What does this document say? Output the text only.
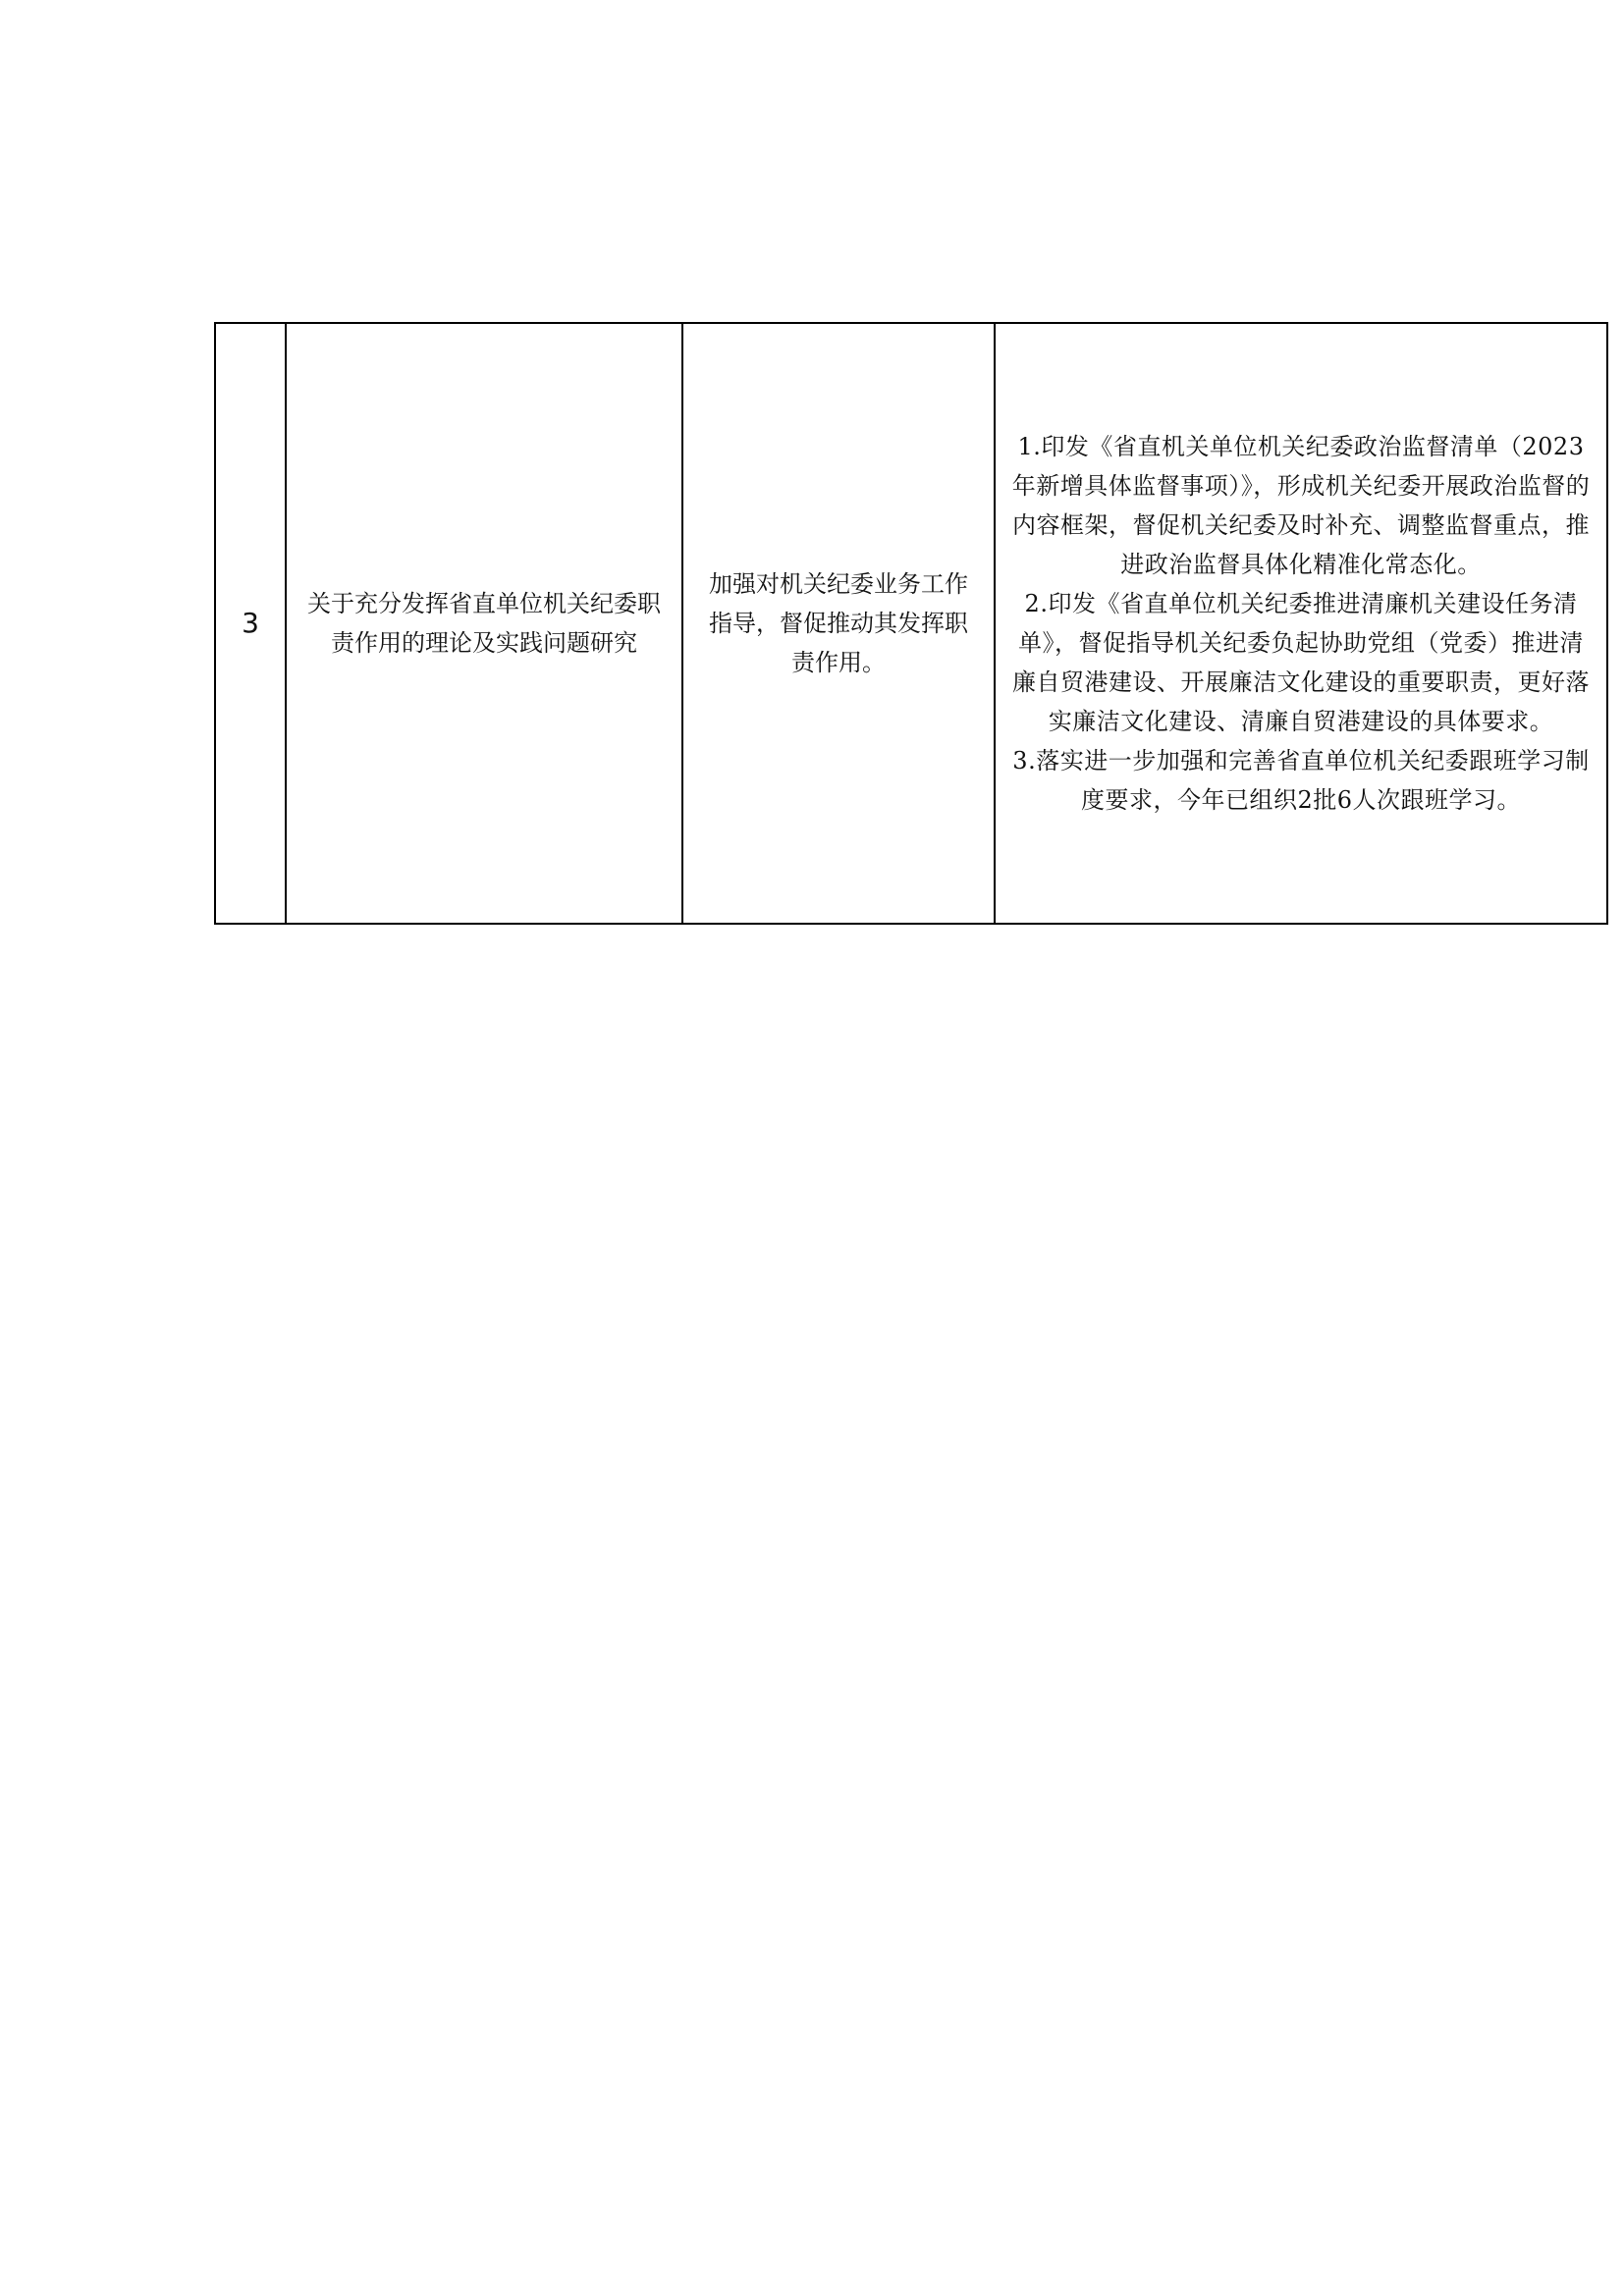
3	关于充分发挥省直单位机关纪委职责作用的理论及实践问题研究	加强对机关纪委业务工作指导，督促推动其发挥职责作用。	
1.印发《省直机关单位机关纪委政治监督清单（2023年新增具体监督事项）》，形成机关纪委开展政治监督的内容框架，督促机关纪委及时补充、调整监督重点，推进政治监督具体化精准化常态化。
2.印发《省直单位机关纪委推进清廉机关建设任务清单》，督促指导机关纪委负起协助党组（党委）推进清廉自贸港建设、开展廉洁文化建设的重要职责，更好落实廉洁文化建设、清廉自贸港建设的具体要求。
3.落实进一步加强和完善省直单位机关纪委跟班学习制度要求，今年已组织2批6人次跟班学习。
